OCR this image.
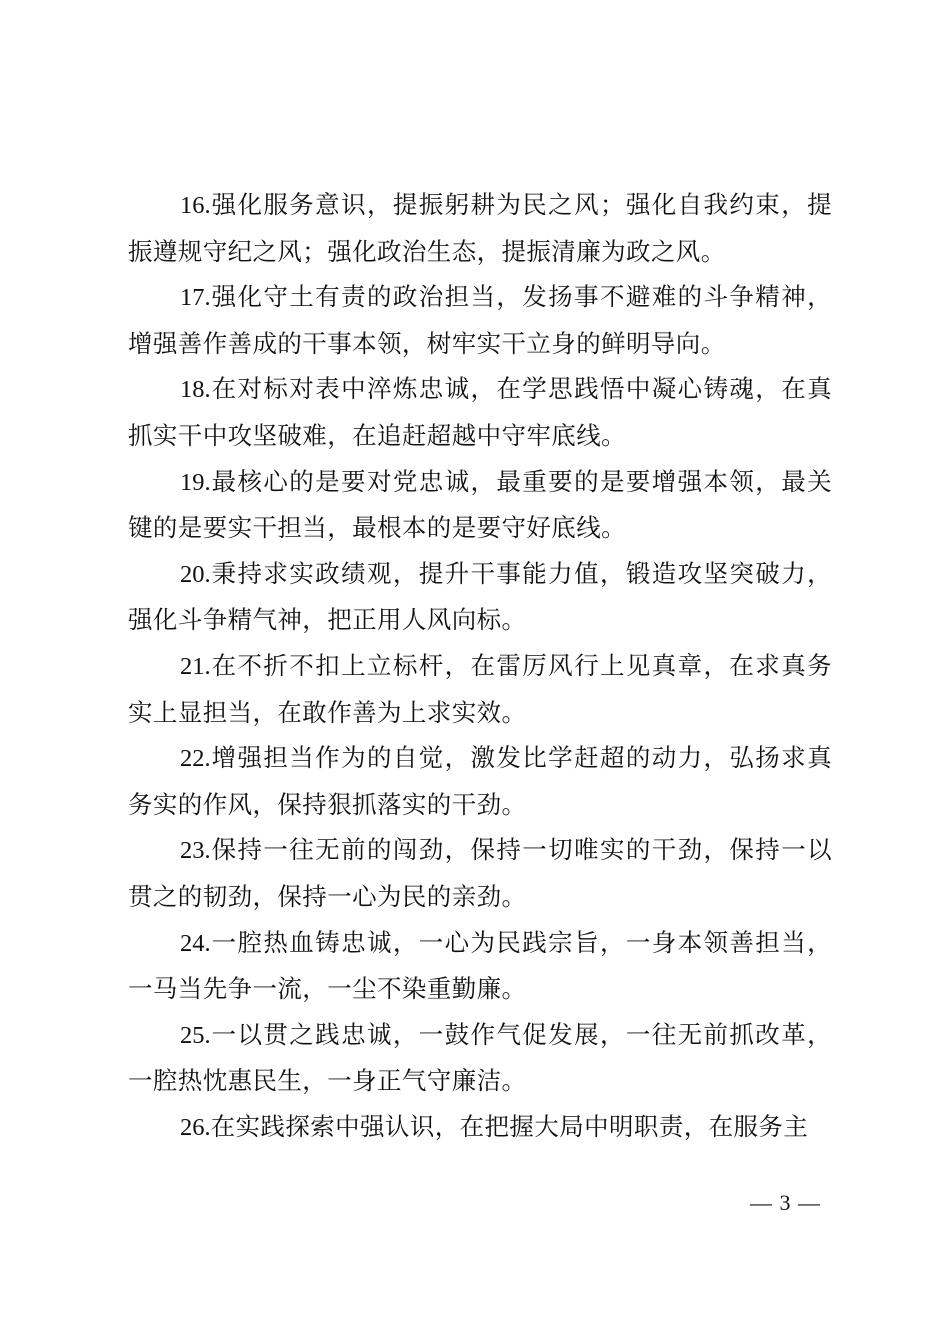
16.强化服务意识，提振躬耕为民之风；强化自我约束，提振遵规守纪之风；强化政治生态，提振清廉为政之风。

17.强化守土有责的政治担当，发扬事不避难的斗争精神，增强善作善成的干事本领，树牢实干立身的鲜明导向。

18.在对标对表中淬炼忠诚，在学思践悟中凝心铸魂，在真抓实干中攻坚破难，在追赶超越中守牢底线。

19.最核心的是要对党忠诚，最重要的是要增强本领，最关键的是要实干担当，最根本的是要守好底线。

20.秉持求实政绩观，提升干事能力值，锻造攻坚突破力，强化斗争精气神，把正用人风向标。

21.在不折不扣上立标杆，在雷厉风行上见真章，在求真务实上显担当，在敢作善为上求实效。

22.增强担当作为的自觉，激发比学赶超的动力，弘扬求真务实的作风，保持狠抓落实的干劲。

23.保持一往无前的闯劲，保持一切唯实的干劲，保持一以贯之的韧劲，保持一心为民的亲劲。

24.一腔热血铸忠诚，一心为民践宗旨，一身本领善担当，一马当先争一流，一尘不染重勤廉。

25.一以贯之践忠诚，一鼓作气促发展，一往无前抓改革，一腔热忱惠民生，一身正气守廉洁。

26.在实践探索中强认识，在把握大局中明职责，在服务主

— 3 —
